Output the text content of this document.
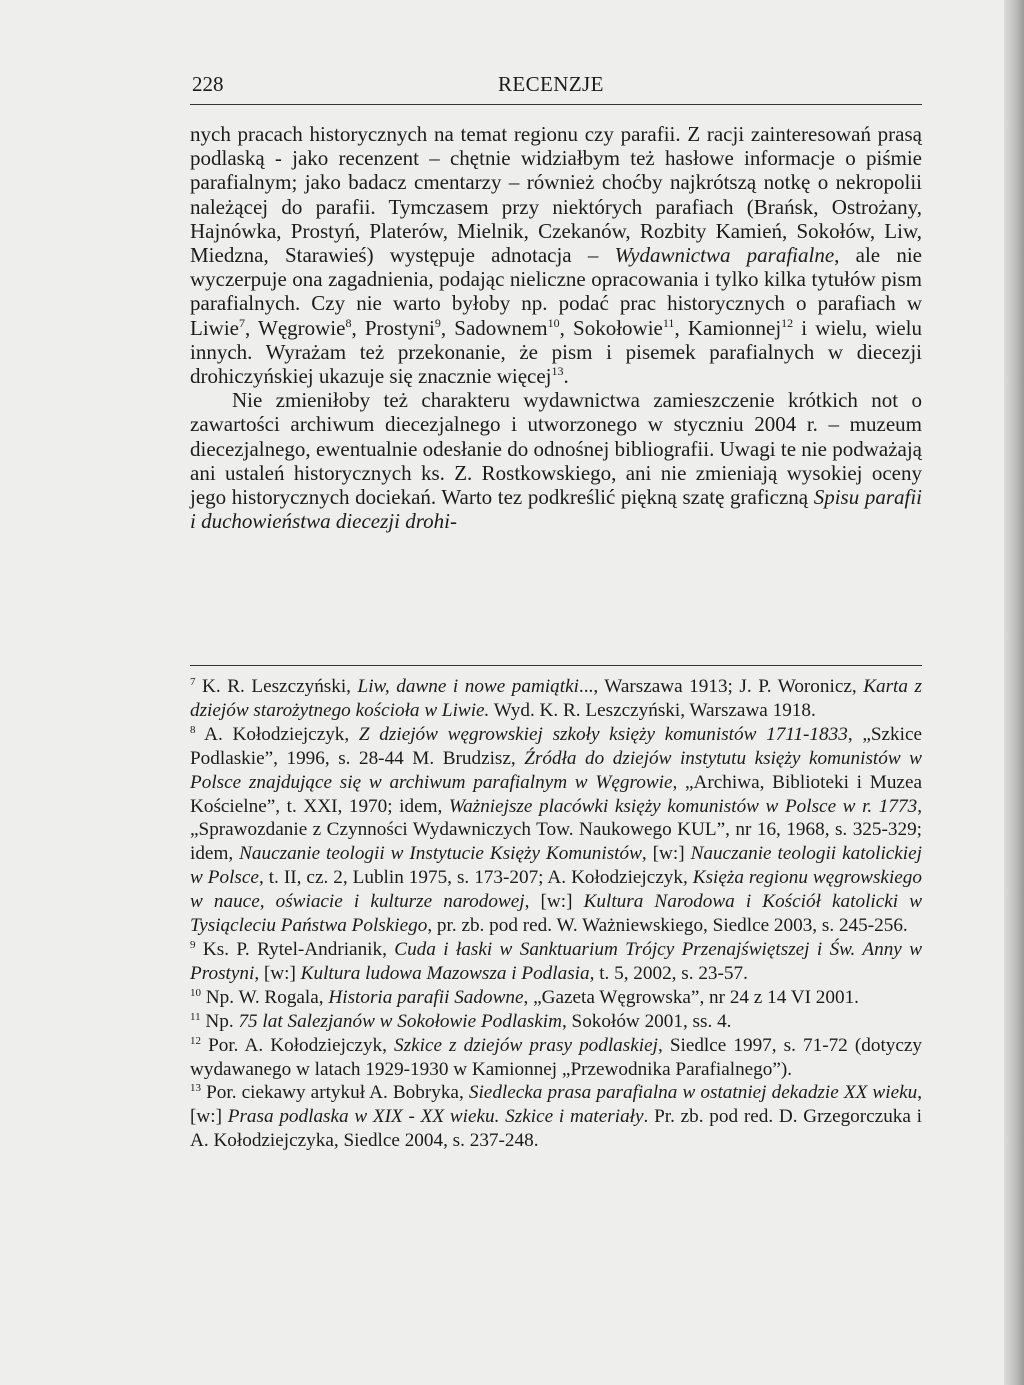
228	RECENZJE

nych pracach historycznych na temat regionu czy parafii. Z racji zainteresowań prasą podlaską - jako recenzent – chętnie widziałbym też hasłowe informacje o piśmie parafialnym; jako badacz cmentarzy – również choćby najkrótszą notkę o nekropolii należącej do parafii. Tymczasem przy niektórych parafiach (Brańsk, Ostrożany, Hajnówka, Prostyń, Platerów, Mielnik, Czekanów, Rozbity Kamień, Sokołów, Liw, Miedzna, Starawieś) występuje adnotacja – Wydawnictwa parafialne, ale nie wyczerpuje ona zagadnienia, podając nieliczne opracowania i tylko kilka tytułów pism parafialnych. Czy nie warto byłoby np. podać prac historycznych o parafiach w Liwie$^7$, Węgrowie$^8$, Prostyni$^9$, Sadownem$^{10}$, Sokołowie$^{11}$, Kamionnej$^{12}$ i wielu, wielu innych. Wyrażam też przekonanie, że pism i pisemek parafialnych w diecezji drohiczyńskiej ukazuje się znacznie więcej$^{13}$.

Nie zmieniłoby też charakteru wydawnictwa zamieszczenie krótkich not o zawartości archiwum diecezjalnego i utworzonego w styczniu 2004 r. – muzeum diecezjalnego, ewentualnie odesłanie do odnośnej bibliografii. Uwagi te nie podważają ani ustaleń historycznych ks. Z. Rostkowskiego, ani nie zmieniają wysokiej oceny jego historycznych dociekań. Warto tez podkreślić piękną szatę graficzną Spisu parafii i duchowieństwa diecezji drohi-

$^7$ K. R. Leszczyński, Liw, dawne i nowe pamiątki..., Warszawa 1913; J. P. Woronicz, Karta z dziejów starożytnego kościoła w Liwie. Wyd. K. R. Leszczyński, Warszawa 1918.

$^8$ A. Kołodziejczyk, Z dziejów węgrowskiej szkoły księży komunistów 1711-1833, „Szkice Podlaskie”, 1996, s. 28-44 M. Brudzisz, Źródła do dziejów instytutu księży komunistów w Polsce znajdujące się w archiwum parafialnym w Węgrowie, „Archiwa, Biblioteki i Muzea Kościelne”, t. XXI, 1970; idem, Ważniejsze placówki księży komunistów w Polsce w r. 1773, „Sprawozdanie z Czynności Wydawniczych Tow. Naukowego KUL”, nr 16, 1968, s. 325-329; idem, Nauczanie teologii w Instytucie Księży Komunistów, [w:] Nauczanie teologii katolickiej w Polsce, t. II, cz. 2, Lublin 1975, s. 173-207; A. Kołodziejczyk, Księża regionu węgrowskiego w nauce, oświacie i kulturze narodowej, [w:] Kultura Narodowa i Kościół katolicki w Tysiącleciu Państwa Polskiego, pr. zb. pod red. W. Ważniewskiego, Siedlce 2003, s. 245-256.

$^9$ Ks. P. Rytel-Andrianik, Cuda i łaski w Sanktuarium Trójcy Przenajświętszej i Św. Anny w Prostyni, [w:] Kultura ludowa Mazowsza i Podlasia, t. 5, 2002, s. 23-57.

$^{10}$ Np. W. Rogala, Historia parafii Sadowne, „Gazeta Węgrowska”, nr 24 z 14 VI 2001.

$^{11}$ Np. 75 lat Salezjanów w Sokołowie Podlaskim, Sokołów 2001, ss. 4.

$^{12}$ Por. A. Kołodziejczyk, Szkice z dziejów prasy podlaskiej, Siedlce 1997, s. 71-72 (dotyczy wydawanego w latach 1929-1930 w Kamionnej „Przewodnika Parafialnego”).

$^{13}$ Por. ciekawy artykuł A. Bobryka, Siedlecka prasa parafialna w ostatniej dekadzie XX wieku, [w:] Prasa podlaska w XIX - XX wieku. Szkice i materiały. Pr. zb. pod red. D. Grzegorczuka i A. Kołodziejczyka, Siedlce 2004, s. 237-248.
